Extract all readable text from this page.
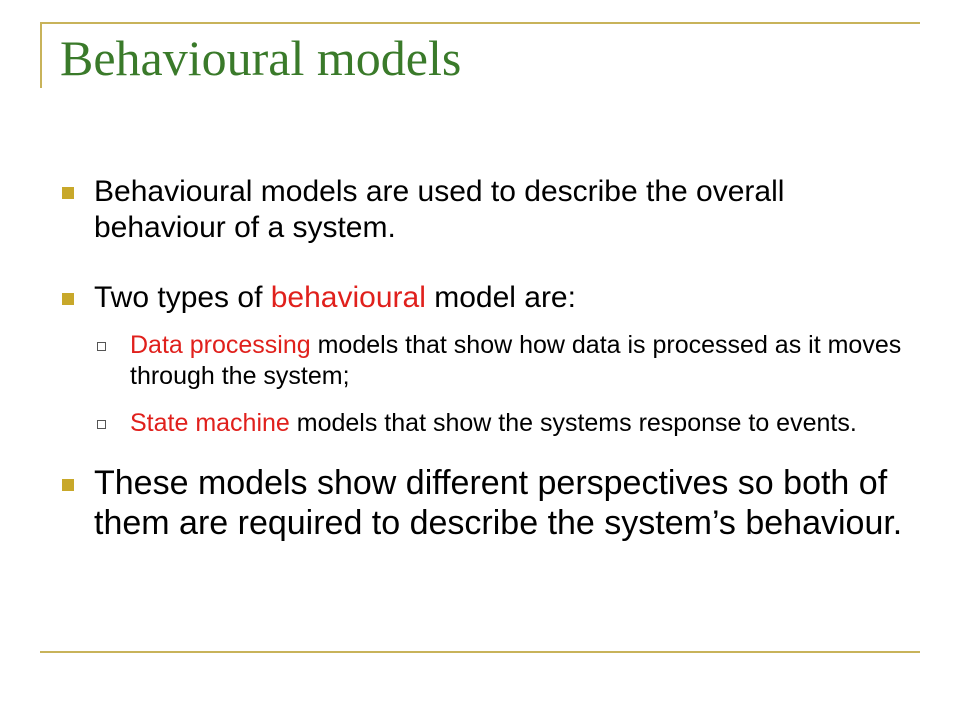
Behavioural models
Behavioural models are used to describe the overall behaviour of a system.
Two types of behavioural model are:
Data processing models that show how data is processed as it moves through the system;
State machine models that show the systems response to events.
These models show different perspectives so both of them are required to describe the system’s behaviour.
